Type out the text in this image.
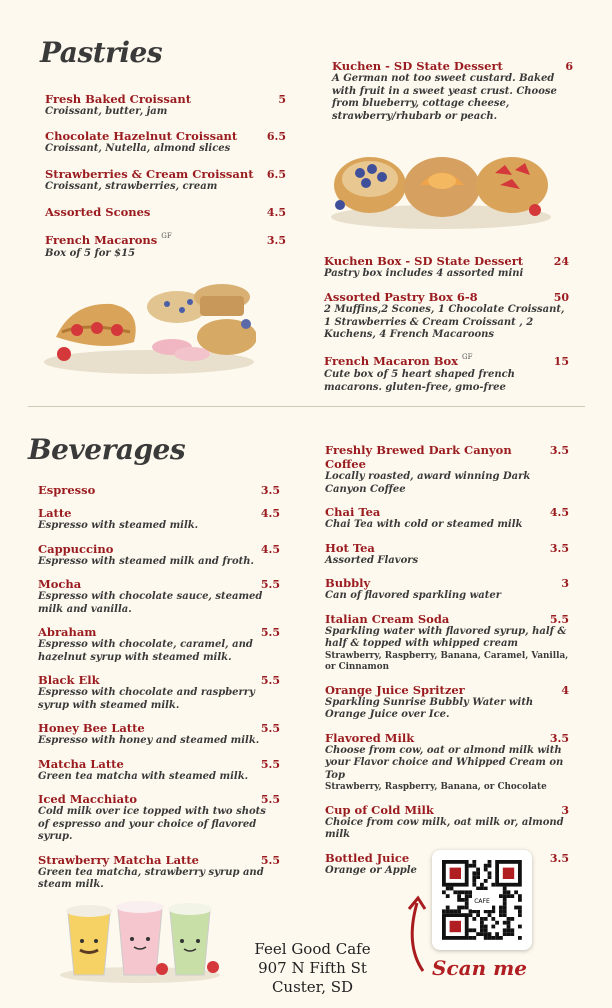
Pastries
Beverages
Fresh Baked Croissant	5
Croissant, butter, jam
Chocolate Hazelnut Croissant	6.5
Croissant, Nutella, almond slices
Strawberries & Cream Croissant 6.5
Croissant, strawberries, cream
Assorted Scones	4.5
French Macarons $^{GF}$	3.5
Box of 5 for $15
Kuchen - SD State Dessert	6
A German not too sweet custard. Baked with fruit in a sweet yeast crust. Choose from blueberry, cottage cheese, strawberry/rhubarb or peach.
Kuchen Box - SD State Dessert	24
Pastry box includes 4 assorted mini
Assorted Pastry Box 6-8	50
2 Muffins,2 Scones, 1 Chocolate Croissant, 1 Strawberries & Cream Croissant , 2 Kuchens, 4 French Macaroons
French Macaron Box $^{GF}$	15
Cute box of 5 heart shaped french macarons. gluten-free, gmo-free
Espresso	3.5
Latte	4.5
Espresso with steamed milk.
Cappuccino	4.5
Espresso with steamed milk and froth.
Mocha	5.5
Espresso with chocolate sauce, steamed milk and vanilla.
Abraham	5.5
Espresso with chocolate, caramel, and hazelnut syrup with steamed milk.
Black Elk	5.5
Espresso with chocolate and raspberry syrup with steamed milk.
Honey Bee Latte	5.5
Espresso with honey and steamed milk.
Matcha Latte	5.5
Green tea matcha with steamed milk.
Iced Macchiato	5.5
Cold milk over ice topped with two shots of espresso and your choice of flavored syrup.
Strawberry Matcha Latte	5.5
Green tea matcha, strawberry syrup and steam milk.
Freshly Brewed Dark Canyon Coffee
3.5
Locally roasted, award winning Dark Canyon Coffee
Chai Tea	4.5
Chai Tea with cold or steamed milk
Hot Tea	3.5
Assorted Flavors
Bubbly	3
Can of flavored sparkling water
Italian Cream Soda	5.5
Sparkling water with flavored syrup, half & half & topped with whipped cream
Strawberry, Raspberry, Banana, Caramel, Vanilla, or Cinnamon
Orange Juice Spritzer	4
Sparkling Sunrise Bubbly Water with Orange Juice over Ice.
Flavored Milk	3.5
Choose from cow, oat or almond milk with your Flavor choice and Whipped Cream on Top
Strawberry, Raspberry, Banana, or Chocolate
Cup of Cold Milk	3
Choice from cow milk, oat milk or, almond milk
Bottled Juice	3.5
Orange or Apple
Feel Good Cafe
907 N Fifth St
Custer, SD
CAFE
Scan me
